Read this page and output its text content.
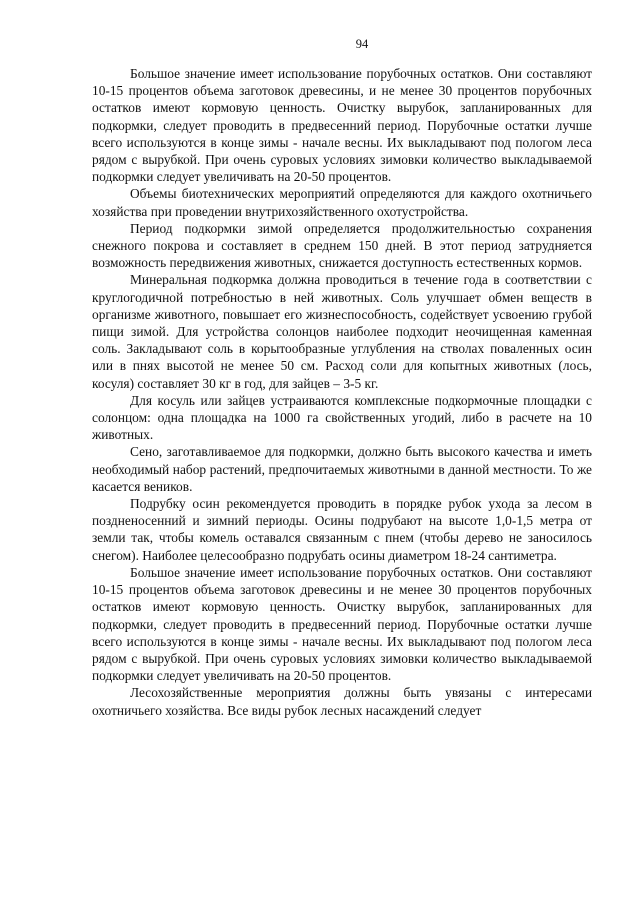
94

Большое значение имеет использование порубочных остатков. Они составляют 10-15 процентов объема заготовок древесины, и не менее 30 процентов порубочных остатков имеют кормовую ценность. Очистку вырубок, запланированных для подкормки, следует проводить в предвесенний период. Порубочные остатки лучше всего используются в конце зимы - начале весны. Их выкладывают под пологом леса рядом с вырубкой. При очень суровых условиях зимовки количество выкладываемой подкормки следует увеличивать на 20-50 процентов.

Объемы биотехнических мероприятий определяются для каждого охотничьего хозяйства при проведении внутрихозяйственного охотустройства.

Период подкормки зимой определяется продолжительностью сохранения снежного покрова и составляет в среднем 150 дней. В этот период затрудняется возможность передвижения животных, снижается доступность естественных кормов.

Минеральная подкормка должна проводиться в течение года в соответствии с круглогодичной потребностью в ней животных. Соль улучшает обмен веществ в организме животного, повышает его жизнеспособность, содействует усвоению грубой пищи зимой. Для устройства солонцов наиболее подходит неочищенная каменная соль. Закладывают соль в корытообразные углубления на стволах поваленных осин или в пнях высотой не менее 50 см. Расход соли для копытных животных (лось, косуля) составляет 30 кг в год, для зайцев – 3-5 кг.

Для косуль или зайцев устраиваются комплексные подкормочные площадки с солонцом: одна площадка на 1000 га свойственных угодий, либо в расчете на 10 животных.

Сено, заготавливаемое для подкормки, должно быть высокого качества и иметь необходимый набор растений, предпочитаемых животными в данной местности. То же касается веников.

Подрубку осин рекомендуется проводить в порядке рубок ухода за лесом в поздненосенний и зимний периоды. Осины подрубают на высоте 1,0-1,5 метра от земли так, чтобы комель оставался связанным с пнем (чтобы дерево не заносилось снегом). Наиболее целесообразно подрубать осины диаметром 18-24 сантиметра.

Большое значение имеет использование порубочных остатков. Они составляют 10-15 процентов объема заготовок древесины и не менее 30 процентов порубочных остатков имеют кормовую ценность. Очистку вырубок, запланированных для подкормки, следует проводить в предвесенний период. Порубочные остатки лучше всего используются в конце зимы - начале весны. Их выкладывают под пологом леса рядом с вырубкой. При очень суровых условиях зимовки количество выкладываемой подкормки следует увеличивать на 20-50 процентов.

Лесохозяйственные мероприятия должны быть увязаны с интересами охотничьего хозяйства. Все виды рубок лесных насаждений следует
